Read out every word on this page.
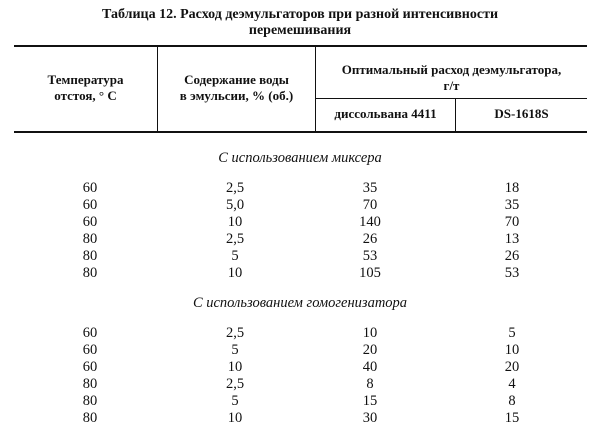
Таблица 12. Расход деэмульгаторов при разной интенсивности
перемешивания
Температура
отстоя, ° С
Содержание воды
в эмульсии, % (об.)
Оптимальный расход деэмульгатора,
г/т
диссольвана 4411	DS-1618S
С использованием миксера
60	2,5	35	18
60	5,0	70	35
60	10	140	70
80	2,5	26	13
80	5	53	26
80	10	105	53
С использованием гомогенизатора
60	2,5	10	5
60	5	20	10
60	10	40	20
80	2,5	8	4
80	5	15	8
80	10	30	15
